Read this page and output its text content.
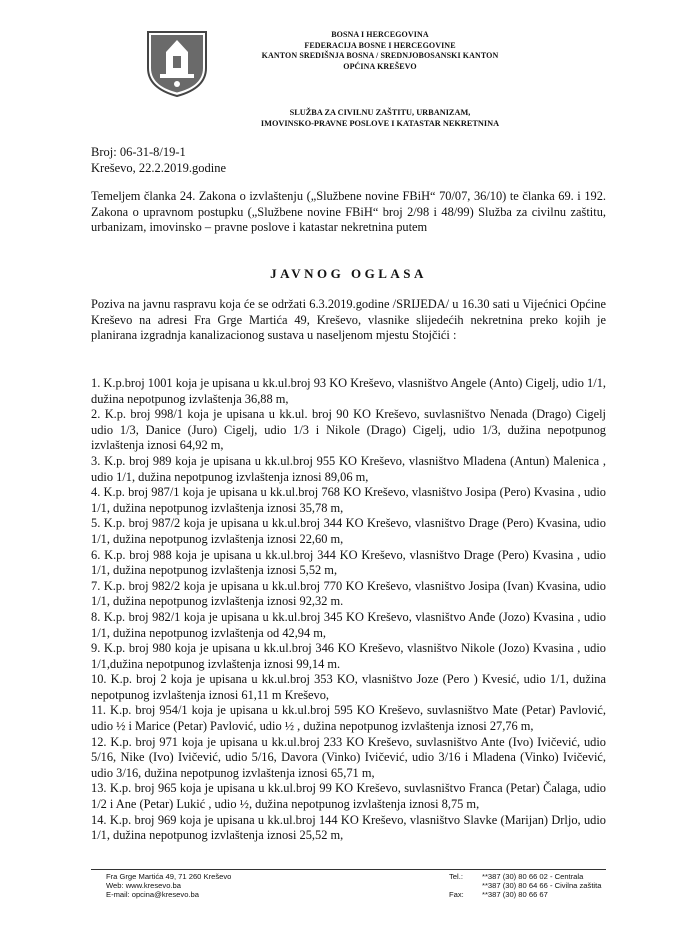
BOSNA I HERCEGOVINA
FEDERACIJA BOSNE I HERCEGOVINE
KANTON SREDIŠNJA BOSNA / SREDNJOBOSANSKI KANTON
OPĆINA KREŠEVO
SLUŽBA ZA CIVILNU ZAŠTITU, URBANIZAM,
IMOVINSKO-PRAVNE POSLOVE I KATASTAR NEKRETNINA
Broj: 06-31-8/19-1
Kreševo, 22.2.2019.godine
Temeljem članka 24. Zakona o izvlaštenju („Službene novine FBiH“ 70/07, 36/10) te članka 69. i 192. Zakona o upravnom postupku („Službene novine FBiH“ broj 2/98 i 48/99) Služba za civilnu zaštitu, urbanizam, imovinsko – pravne poslove i katastar nekretnina putem
JAVNOG OGLASA
Poziva na javnu raspravu koja će se održati 6.3.2019.godine /SRIJEDA/ u 16.30 sati u Vijećnici Općine Kreševo na adresi Fra Grge Martića 49, Kreševo, vlasnike slijedećih nekretnina preko kojih je planirana izgradnja kanalizacionog sustava u naseljenom mjestu Stojčići :

1. K.p.broj 1001 koja je upisana u kk.ul.broj 93 KO Kreševo, vlasništvo Angele (Anto) Cigelj, udio 1/1, dužina nepotpunog izvlaštenja 36,88 m,

2. K.p. broj 998/1 koja je upisana u kk.ul. broj 90 KO Kreševo, suvlasništvo Nenada (Drago) Cigelj udio 1/3, Danice (Juro) Cigelj, udio 1/3 i Nikole (Drago) Cigelj, udio 1/3, dužina nepotpunog izvlaštenja iznosi 64,92 m,

3. K.p. broj 989 koja je upisana u kk.ul.broj 955 KO Kreševo, vlasništvo Mladena (Antun) Malenica , udio 1/1, dužina nepotpunog izvlaštenja iznosi 89,06 m,

4. K.p. broj 987/1 koja je upisana u kk.ul.broj 768 KO Kreševo, vlasništvo Josipa (Pero) Kvasina , udio 1/1, dužina nepotpunog izvlaštenja iznosi 35,78 m,

5. K.p. broj 987/2 koja je upisana u kk.ul.broj 344 KO Kreševo, vlasništvo Drage (Pero) Kvasina, udio 1/1, dužina nepotpunog izvlaštenja iznosi 22,60 m,

6. K.p. broj 988 koja je upisana u kk.ul.broj 344 KO Kreševo, vlasništvo Drage (Pero) Kvasina , udio 1/1, dužina nepotpunog izvlaštenja iznosi 5,52 m,

7. K.p. broj 982/2 koja je upisana u kk.ul.broj 770 KO Kreševo, vlasništvo Josipa (Ivan) Kvasina, udio 1/1, dužina nepotpunog izvlaštenja iznosi 92,32 m.

8. K.p. broj 982/1 koja je upisana u kk.ul.broj 345 KO Kreševo, vlasništvo Anđe (Jozo) Kvasina , udio 1/1, dužina nepotpunog izvlaštenja od 42,94 m,

9. K.p. broj 980 koja je upisana u kk.ul.broj 346 KO Kreševo, vlasništvo Nikole (Jozo) Kvasina , udio 1/1,dužina nepotpunog izvlaštenja iznosi 99,14 m.

10. K.p. broj 2 koja je upisana u kk.ul.broj 353 KO, vlasništvo Joze (Pero ) Kvesić, udio 1/1, dužina nepotpunog izvlaštenja iznosi 61,11 m Kreševo,

11. K.p. broj 954/1 koja je upisana u kk.ul.broj 595 KO Kreševo, suvlasništvo Mate (Petar) Pavlović, udio ½ i Marice (Petar) Pavlović, udio ½ , dužina nepotpunog izvlaštenja iznosi 27,76 m,

12. K.p. broj 971 koja je upisana u kk.ul.broj 233 KO Kreševo, suvlasništvo Ante (Ivo) Ivičević, udio 5/16, Nike (Ivo) Ivičević, udio 5/16, Davora (Vinko) Ivičević, udio 3/16 i Mladena (Vinko) Ivičević, udio 3/16, dužina nepotpunog izvlaštenja iznosi 65,71 m,

13. K.p. broj 965 koja je upisana u kk.ul.broj 99 KO Kreševo, suvlasništvo Franca (Petar) Čalaga, udio 1/2 i Ane (Petar) Lukić , udio ½, dužina nepotpunog izvlaštenja iznosi 8,75 m,

14. K.p. broj 969 koja je upisana u kk.ul.broj 144 KO Kreševo, vlasništvo Slavke (Marijan) Drljo, udio 1/1, dužina nepotpunog izvlaštenja iznosi 25,52 m,

Fra Grge Martića 49, 71 260 Kreševo
Web: www.kresevo.ba
E-mail: opcina@kresevo.ba
Tel.:	**387 (30) 80 66 02 - Centrala
**387 (30) 80 64 66 - Civilna zaštita
Fax:	**387 (30) 80 66 67
